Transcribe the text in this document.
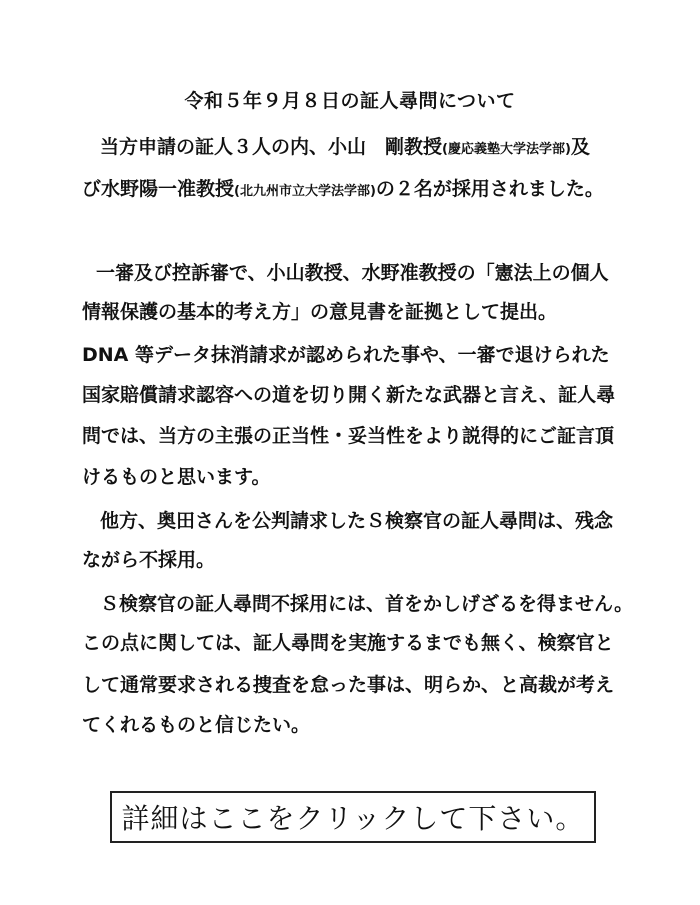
令和５年９月８日の証人尋問について
当方申請の証人３人の内、小山　剛教授(慶応義塾大学法学部)及
び水野陽一准教授(北九州市立大学法学部)の２名が採用されました。
一審及び控訴審で、小山教授、水野准教授の「憲法上の個人
情報保護の基本的考え方」の意見書を証拠として提出。
DNA 等データ抹消請求が認められた事や、一審で退けられた
国家賠償請求認容への道を切り開く新たな武器と言え、証人尋
問では、当方の主張の正当性・妥当性をより説得的にご証言頂
けるものと思います。
他方、奥田さんを公判請求したＳ検察官の証人尋問は、残念
ながら不採用。
Ｓ検察官の証人尋問不採用には、首をかしげざるを得ません。
この点に関しては、証人尋問を実施するまでも無く、検察官と
して通常要求される捜査を怠った事は、明らか、と高裁が考え
てくれるものと信じたい。
詳細はここをクリックして下さい。
